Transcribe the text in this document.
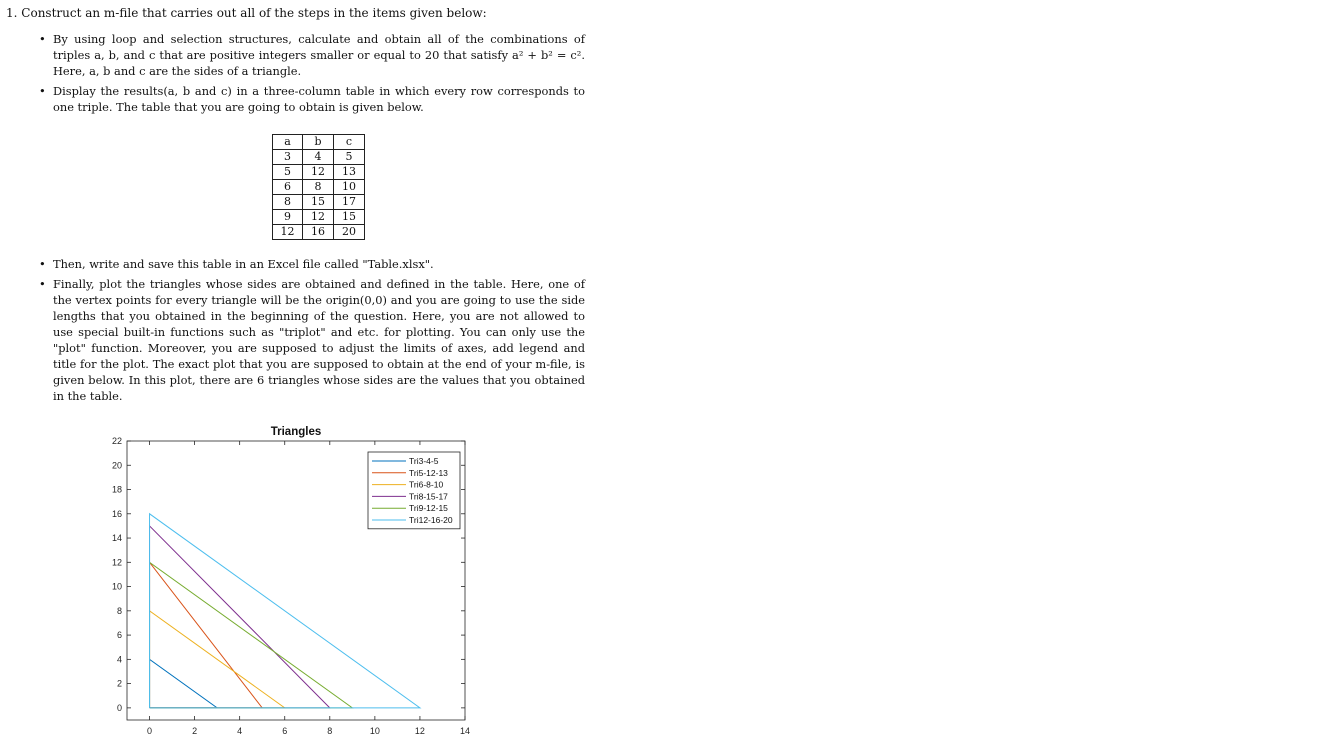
1. Construct an m-file that carries out all of the steps in the items given below:
• By using loop and selection structures, calculate and obtain all of the combinations of triples a, b, and c that are positive integers smaller or equal to 20 that satisfy a² + b² = c². Here, a, b and c are the sides of a triangle.
• Display the results(a, b and c) in a three-column table in which every row corresponds to one triple. The table that you are going to obtain is given below.
a	b	c
3	4	5
5	12	13
6	8	10
8	15	17
9	12	15
12	16	20
• Then, write and save this table in an Excel file called "Table.xlsx".
• Finally, plot the triangles whose sides are obtained and defined in the table. Here, one of the vertex points for every triangle will be the origin(0,0) and you are going to use the side lengths that you obtained in the beginning of the question. Here, you are not allowed to use special built-in functions such as "triplot" and etc. for plotting. You can only use the "plot" function. Moreover, you are supposed to adjust the limits of axes, add legend and title for the plot. The exact plot that you are supposed to obtain at the end of your m-file, is given below. In this plot, there are 6 triangles whose sides are the values that you obtained in the table.
0	2	4	6	8	10	12	14
0
2
4
6
8
10
12
14
16
18
20
22
Triangles
Tri3-4-5
Tri5-12-13
Tri6-8-10
Tri8-15-17
Tri9-12-15
Tri12-16-20
